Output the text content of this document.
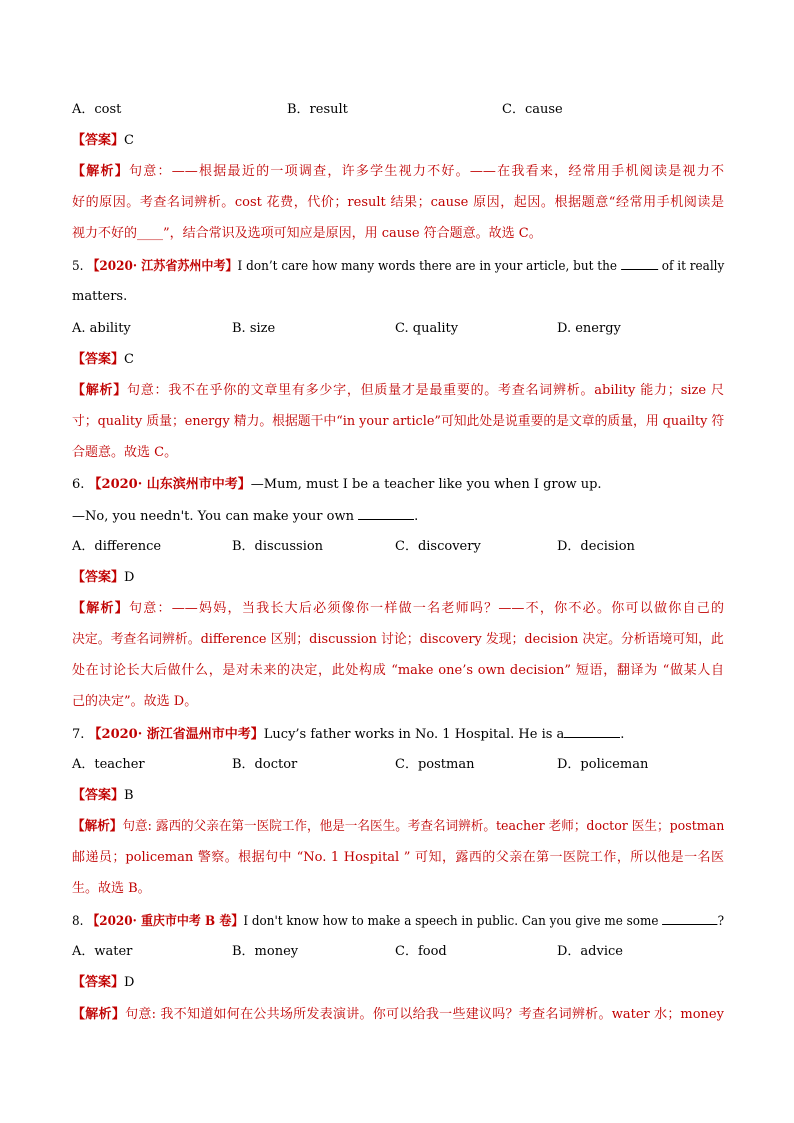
A．cost	B．result	C．cause
【答案】C
【解析】句意：——根据最近的一项调查，许多学生视力不好。——在我看来，经常用手机阅读是视力不
好的原因。考查名词辨析。cost 花费，代价；result 结果；cause 原因，起因。根据题意“经常用手机阅读是
视力不好的____”，结合常识及选项可知应是原因，用 cause 符合题意。故选 C。
5. 【2020· 江苏省苏州中考】I don’t care how many words there are in your article, but the	of it really
matters.
A. ability	B. size	C. quality	D. energy
【答案】C
【解析】句意：我不在乎你的文章里有多少字，但质量才是最重要的。考查名词辨析。ability 能力；size 尺
寸；quality 质量；energy 精力。根据题干中“in your article”可知此处是说重要的是文章的质量，用 quailty 符
合题意。故选 C。
6. 【2020· 山东滨州市中考】—Mum, must I be a teacher like you when I grow up.
—No, you needn't. You can make your own	.
A．difference	B．discussion	C．discovery	D．decision
【答案】D
【解析】句意：——妈妈，当我长大后必须像你一样做一名老师吗？——不，你不必。你可以做你自己的
决定。考查名词辨析。difference 区别；discussion 讨论；discovery 发现；decision 决定。分析语境可知，此
处在讨论长大后做什么，是对未来的决定，此处构成 “make one’s own decision” 短语，翻译为 “做某人自
己的决定”。故选 D。
7. 【2020· 浙江省温州市中考】Lucy’s father works in No. 1 Hospital. He is a	.
A．teacher	B．doctor	C．postman	D．policeman
【答案】B
【解析】句意: 露西的父亲在第一医院工作，他是一名医生。考查名词辨析。teacher 老师；doctor 医生；postman
邮递员；policeman 警察。根据句中 “No. 1 Hospital ” 可知，露西的父亲在第一医院工作，所以他是一名医
生。故选 B。
8. 【2020· 重庆市中考 B 卷】I don't know how to make a speech in public. Can you give me some	?
A．water	B．money	C．food	D．advice
【答案】D
【解析】句意: 我不知道如何在公共场所发表演讲。你可以给我一些建议吗？考查名词辨析。water 水；money
